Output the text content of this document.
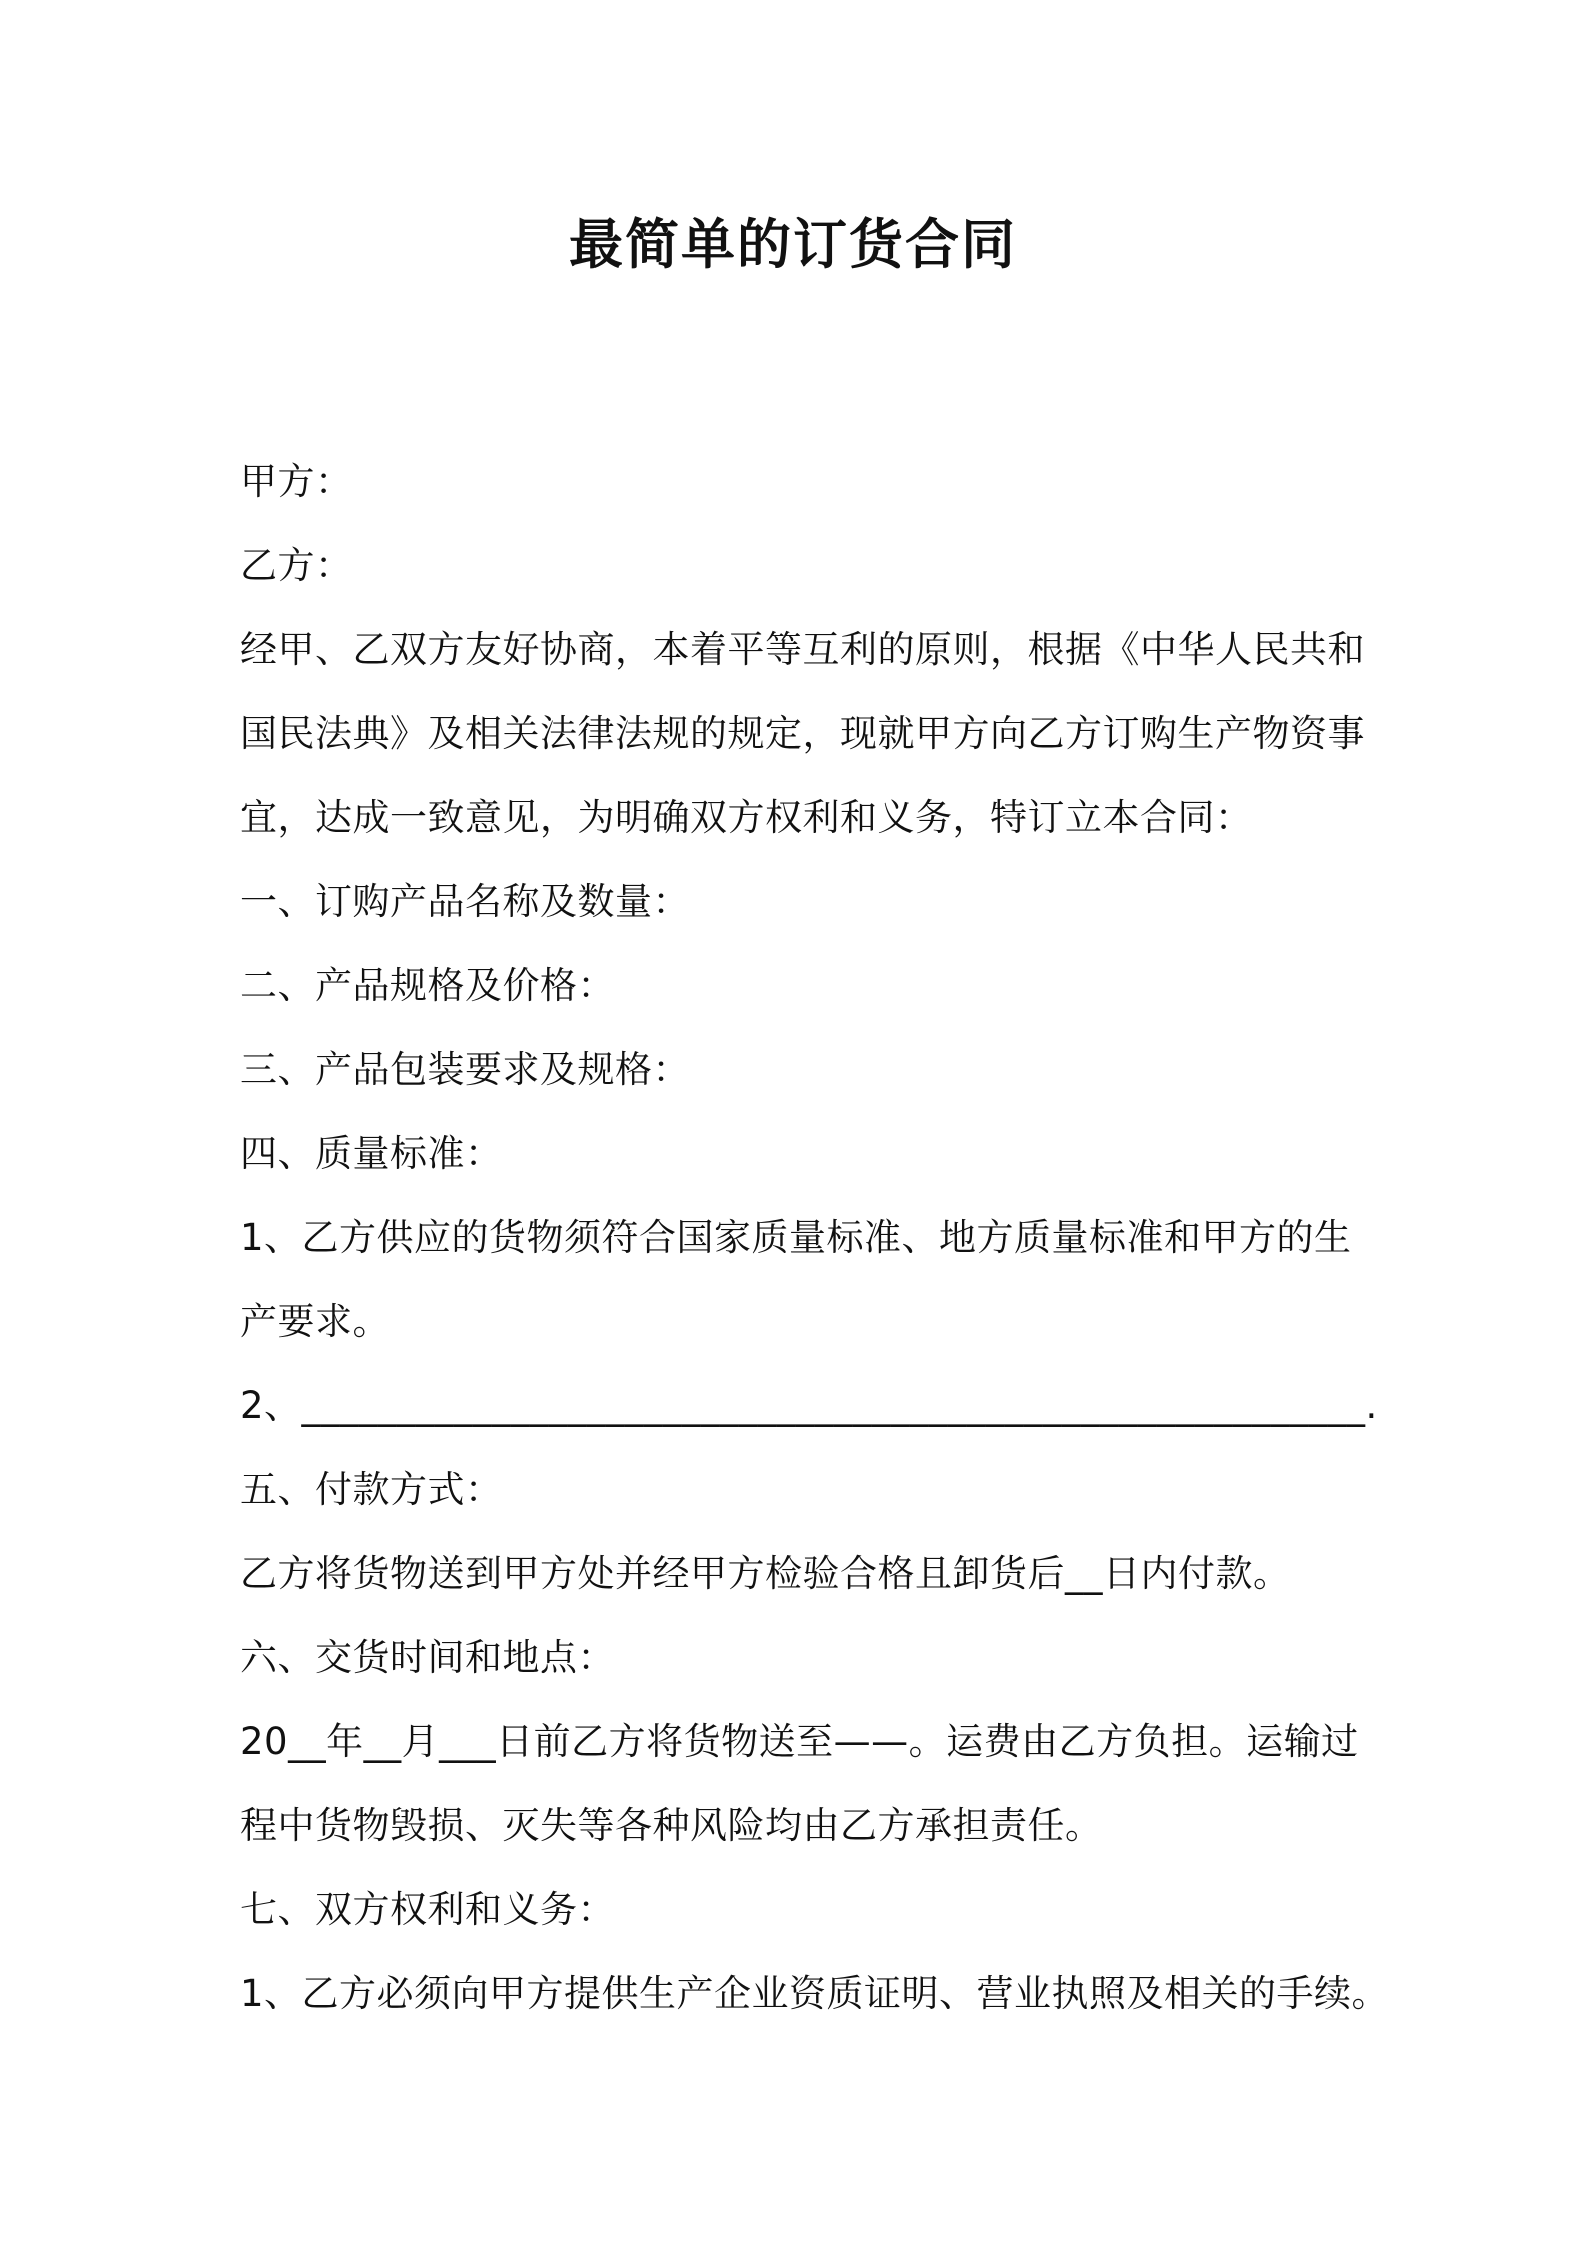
最简单的订货合同
甲方：
乙方：
经甲、乙双方友好协商，本着平等互利的原则，根据《中华人民共和
国民法典》及相关法律法规的规定，现就甲方向乙方订购生产物资事
宜，达成一致意见，为明确双方权利和义务，特订立本合同：
一、订购产品名称及数量：
二、产品规格及价格：
三、产品包装要求及规格：
四、质量标准：
1、乙方供应的货物须符合国家质量标准、地方质量标准和甲方的生
产要求。
2、________________________________________________________.
五、付款方式：
乙方将货物送到甲方处并经甲方检验合格且卸货后__日内付款。
六、交货时间和地点：
20__年__月___日前乙方将货物送至——。运费由乙方负担。运输过
程中货物毁损、灭失等各种风险均由乙方承担责任。
七、双方权利和义务：
1、乙方必须向甲方提供生产企业资质证明、营业执照及相关的手续。
